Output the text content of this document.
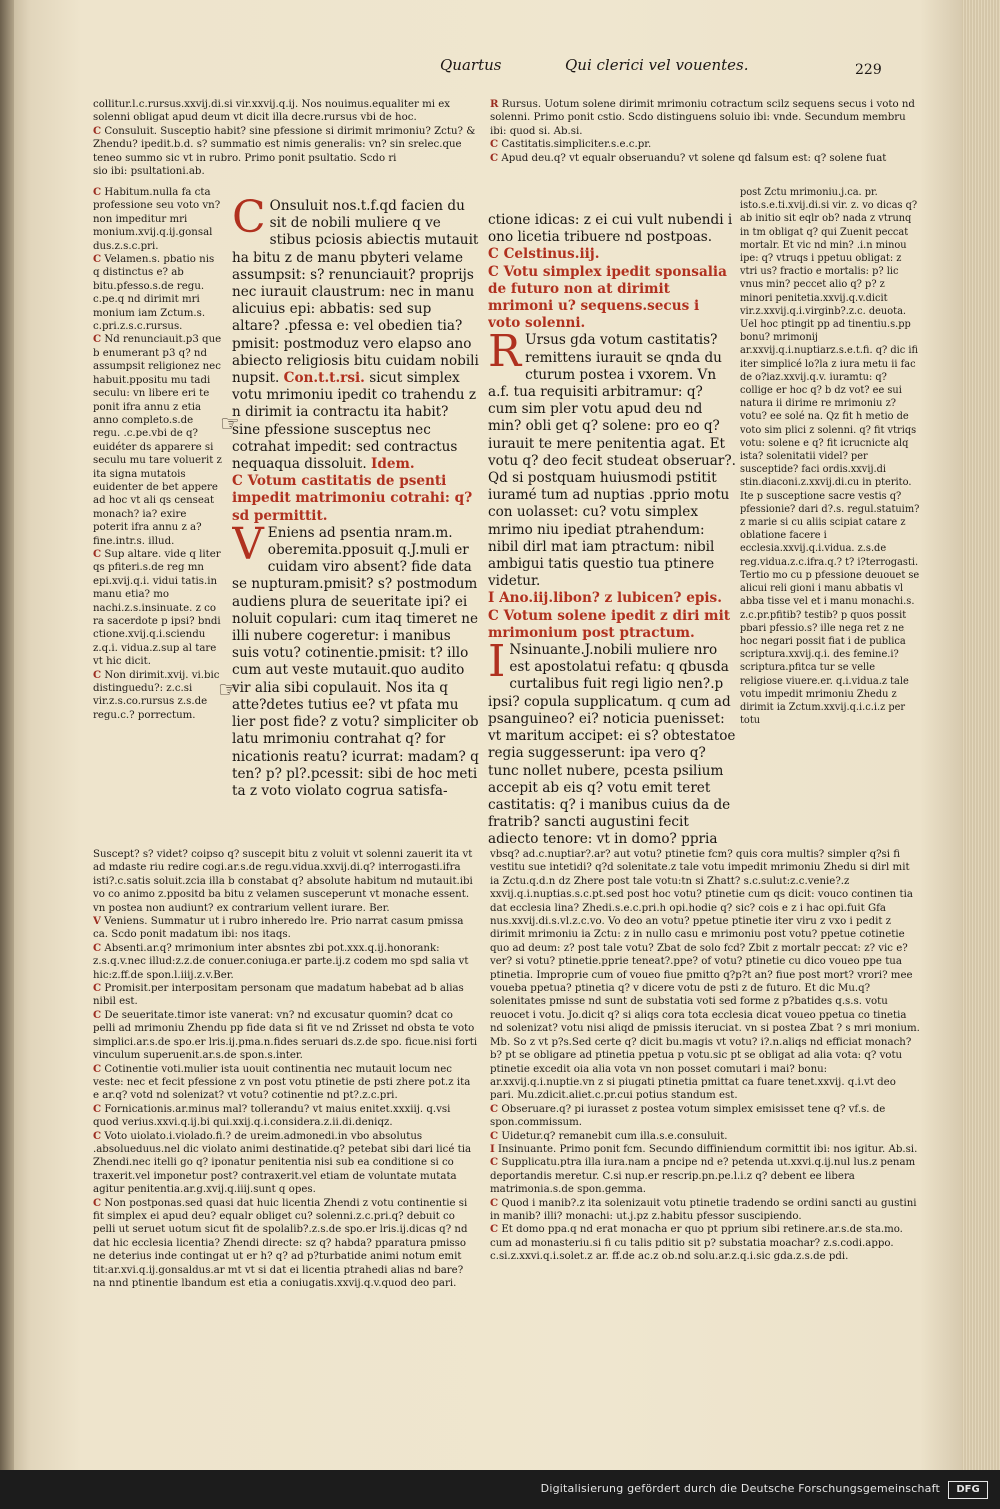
Quartus	Qui clerici vel vouentes.	229

collitur.l.c.rursus.xxvij.di.si vir.xxvij.q.ij. Nos nouimus.equaliter mi ex solenni obligat apud deum vt dicit illa decre.rursus vbi de hoc.

C Consuluit. Susceptio habit? sine pfessione si dirimit mrimoniu? Zctu? & Zhendu? ipedit.b.d. s? summatio est nimis generalis: vn? sin srelec.que teneo summo sic vt in rubro. Primo ponit psultatio. Scdo ri

sio ibi: psultationi.ab.

C Habitum.nulla fa cta professione seu voto vn? non impeditur mri monium.xvij.q.ij.gonsal dus.z.s.c.pri.

C Velamen.s. pbatio nis q distinctus e? ab bitu.pfesso.s.de regu. c.pe.q nd dirimit mri monium iam Zctum.s. c.pri.z.s.c.rursus.

C Nd renunciauit.p3 que b enumerant p3 q? nd assumpsit religionez nec habuit.ppositu mu tadi seculu: vn libere eri te ponit ifra annu z etia anno completo.s.de regu. .c.pe.vbi de q? euidéter ds apparere si seculu mu tare voluerit z ita signa mutatois euidenter de bet appere ad hoc vt ali qs censeat monach? ia? exire poterit ifra annu z a? fine.intr.s. illud.

C Sup altare. vide q liter qs pfiteri.s.de reg mn epi.xvij.q.i. vidui tatis.in manu etia? mo nachi.z.s.insinuate. z co ra sacerdote p ipsi? bndi ctione.xvij.q.i.sciendu z.q.i. vidua.z.sup al tare vt hic dicit.

C Non dirimit.xvij. vi.bic distinguedu?: z.c.si vir.z.s.co.rursus z.s.de regu.c.? porrectum.

Suscept? s? videt? coipso q? suscepit bitu z voluit vt solenni zauerit ita vt ad mdaste riu redire cogi.ar.s.de regu.vidua.xxvij.di.q? interrogasti.ifra isti?.c.satis soluit.zcia illa b constabat q? absolute habitum nd mutauit.ibi vo co animo z.ppositd ba bitu z velamen susceperunt vt monache essent. vn postea non audiunt? ex contrarium vellent iurare. Ber.

V Veniens. Summatur ut i rubro inheredo lre. Prio narrat casum pmissa ca. Scdo ponit madatum ibi: nos itaqs.

C Absenti.ar.q? mrimonium inter absntes zbi pot.xxx.q.ij.honorank: z.s.q.v.nec illud:z.z.de conuer.coniuga.er parte.ij.z codem mo spd salia vt hic:z.ff.de spon.l.iiij.z.v.Ber.

C Promisit.per interpositam personam que madatum habebat ad b alias nibil est.

C De seueritate.timor iste vanerat: vn? nd excusatur quomin? dcat co pelli ad mrimoniu Zhendu pp fide data si fit ve nd Zrisset nd obsta te voto simplici.ar.s.de spo.er lris.ij.pma.n.fides seruari ds.z.de spo. ficue.nisi forti vinculum superuenit.ar.s.de spon.s.inter.

C Cotinentie voti.mulier ista uouit continentia nec mutauit locum nec veste: nec et fecit pfessione z vn post votu ptinetie de psti zhere pot.z ita e ar.q? votd nd solenizat? vt votu? cotinentie nd pt?.z.c.pri.

C Fornicationis.ar.minus mal? tollerandu? vt maius enitet.xxxiij. q.vsi quod verius.xxvi.q.ij.bi qui.xxij.q.i.considera.z.ii.di.deniqz.

C Voto uiolato.i.violado.fi.? de ureim.admonedi.in vbo absolutus .absolueduus.nel dic violato animi destinatide.q? petebat sibi dari licé tia Zhendi.nec itelli go q? iponatur penitentia nisi sub ea conditione si co traxerit.vel imponetur post? contraxerit.vel etiam de voluntate mutata agitur penitentia.ar.g.xvij.q.iiij.sunt q opes.

C Non postponas.sed quasi dat huic licentia Zhendi z votu continentie si fit simplex ei apud deu? equalr obliget cu? solenni.z.c.pri.q? debuit co pelli ut seruet uotum sicut fit de spolalib?.z.s.de spo.er lris.ij.dicas q? nd dat hic ecclesia licentia? Zhendi directe: sz q? habda? pparatura pmisso ne deterius inde contingat ut er h? q? ad p?turbatide animi notum emit tit:ar.xvi.q.ij.gonsaldus.ar mt vt si dat ei licentia ptrahedi alias nd bare? na nnd ptinentie lbandum est etia a coniugatis.xxvij.q.v.quod deo pari.

C Onsuluit nos.t.f.qd facien du sit de nobili muliere q ve stibus pciosis abiectis mutauit ha bitu z de manu pbyteri velame assumpsit: s? renunciauit? proprijs nec iurauit claustrum: nec in manu alicuius epi: abbatis: sed sup altare? .pfessa e: vel obedien tia? pmisit: postmoduz vero elapso ano abiecto religiosis bitu cuidam nobili nupsit. Con.t.t.rsi. sicut simplex votu mrimoniu ipedit co trahendu z n dirimit ia contractu ita habit? sine pfessione susceptus nec cotrahat impedit: sed contractus nequaqua dissoluit. Idem.

C Votum castitatis de psenti impedit matrimoniu cotrahi: q?sd permittit.

V Eniens ad psentia nram.m. oberemita.pposuit q.J.muli er cuidam viro absent? fide data se nupturam.pmisit? s? postmodum audiens plura de seueritate ipi? ei noluit copulari: cum itaq timeret ne illi nubere cogeretur: i manibus suis votu? cotinentie.pmisit: t? illo cum aut veste mutauit.quo audito vir alia sibi copulauit. Nos ita q atte?detes tutius ee? vt pfata mu lier post fide? z votu? simpliciter ob latu mrimoniu contrahat q? for nicationis reatu? icurrat: madam? q ten? p? pl?.pcessit: sibi de hoc meti ta z voto violato cogrua satisfa-

☞
☞

R Rursus. Uotum solene dirimit mrimoniu cotractum scilz sequens secus i voto nd solenni. Primo ponit cstio. Scdo distinguens soluio ibi: vnde. Secundum membru ibi: quod si. Ab.si.

C Castitatis.simpliciter.s.e.c.pr.

C Apud deu.q? vt equalr obseruandu? vt solene qd falsum est: q? solene fuat

ctione idicas: z ei cui vult nubendi i ono licetia tribuere nd postpoas.

C Celstinus.iij.

C Votu simplex ipedit sponsalia de futuro non at dirimit mrimoni u? sequens.secus i voto solenni.

R Ursus gda votum castitatis? remittens iurauit se qnda du cturum postea i vxorem. Vn a.f. tua requisiti arbitramur: q? cum sim pler votu apud deu nd min? obli get q? solene: pro eo q? iurauit te mere penitentia agat. Et votu q? deo fecit studeat obseruar?. Qd si postquam huiusmodi pstitit iuramé tum ad nuptias .pprio motu con uolasset: cu? votu simplex mrimo niu ipediat ptrahendum: nibil dirl mat iam ptractum: nibil ambigui tatis questio tua ptinere videtur.

I Ano.iij.libon? z lubicen? epis.

C Votum solene ipedit z diri mit mrimonium post ptractum.

I Nsinuante.J.nobili muliere nro est apostolatui refatu: q qbusda curtalibus fuit regi ligio nen?.p ipsi? copula supplicatum. q cum ad psanguineo? ei? noticia puenisset: vt maritum accipet: ei s? obtestatoe regia suggesserunt: ipa vero q? tunc nollet nubere, pcesta psilium accepit ab eis q? votu emit teret castitatis: q? i manibus cuius da de fratrib? sancti augustini fecit adiecto tenore: vt in domo? ppria

post Zctu mrimoniu.j.ca. pr. isto.s.e.ti.xvij.di.si vir. z. vo dicas q? ab initio sit eqlr ob? nada z vtrunq in tm obligat q? qui Zuenit peccat mortalr. Et vic nd min? .i.n minou ipe: q? vtruqs i ppetuu obligat: z vtri us? fractio e mortalis: p? lic vnus min? peccet alio q? p? z minori penitetia.xxvij.q.v.dicit vir.z.xxvij.q.i.virginb?.z.c. deuota. Uel hoc ptingit pp ad tinentiu.s.pp bonu? mrimonij ar.xxvij.q.i.nuptiarz.s.e.t.fi. q? dic ifi iter simplicé lo?la z iura metu ii fac de o?iaz.xxvij.q.v. iuramtu: q? collige er hoc q? b dz vot? ee sui natura ii dirime re mrimoniu z? votu? ee solé na. Qz fit h metio de voto sim plici z solenni. q? fit vtriqs votu: solene e q? fit icrucnicte alq ista? solenitatii videl? per susceptide? faci ordis.xxvij.di stin.diaconi.z.xxvij.di.cu in pterito. Ite p susceptione sacre vestis q? pfessionie? dari d?.s. regul.statuim? z marie si cu aliis scipiat catare z oblatione facere i ecclesia.xxvij.q.i.vidua. z.s.de reg.vidua.z.c.ifra.q.? t? i?terrogasti. Tertio mo cu p pfessione deuouet se alicui reli gioni i manu abbatis vl abba tisse vel et i manu monachi.s. z.c.pr.pfitib? testib? p quos possit pbari pfessio.s? ille nega ret z ne hoc negari possit fiat i de publica scriptura.xxvij.q.i. des femine.i? scriptura.pfitca tur se velle religiose viuere.er. q.i.vidua.z tale votu impedit mrimoniu Zhedu z dirimit ia Zctum.xxvij.q.i.c.i.z per totu

vbsq? ad.c.nuptiar?.ar? aut votu? ptinetie fcm? quis cora multis? simpler q?si fi vestitu sue intetidi? q?d solenitate.z tale votu impedit mrimoniu Zhedu si dirl mit ia Zctu.q.d.n dz Zhere post tale votu:tn si Zhatt? s.c.sulut:z.c.venie?.z xxvij.q.i.nuptias.s.c.pt.sed post hoc votu? ptinetie cum qs dicit: vouco continen tia dat ecclesia lina? Zhedi.s.e.c.pri.h opi.hodie q? sic? cois e z i hac opi.fuit Gfa nus.xxvij.di.s.vl.z.c.vo. Vo deo an votu? ppetue ptinetie iter viru z vxo i pedit z dirimit mrimoniu ia Zctu: z in nullo casu e mrimoniu post votu? ppetue cotinetie quo ad deum: z? post tale votu? Zbat de solo fcd? Zbit z mortalr peccat: z? vic e? ver? si votu? ptinetie.pprie teneat?.ppe? of votu? ptinetie cu dico voueo ppe tua ptinetia. Improprie cum of voueo fiue pmitto q?p?t an? fiue post mort? vrori? mee voueba ppetua? ptinetia q? v dicere votu de psti z de futuro. Et dic Mu.q? solenitates pmisse nd sunt de substatia voti sed forme z p?batides q.s.s. votu reuocet i votu. Jo.dicit q? si aliqs cora tota ecclesia dicat voueo ppetua co tinetia nd solenizat? votu nisi aliqd de pmissis iteruciat. vn si postea Zbat ? s mri monium. Mb. So z vt p?s.Sed certe q? dicit bu.magis vt votu? i?.n.aliqs nd efficiat monach? b? pt se obligare ad ptinetia ppetua p votu.sic pt se obligat ad alia vota: q? votu ptinetie excedit oia alia vota vn non posset comutari i mai? bonu: ar.xxvij.q.i.nuptie.vn z si piugati ptinetia pmittat ca fuare tenet.xxvij. q.i.vt deo pari. Mu.zdicit.aliet.c.pr.cui potius standum est.

C Obseruare.q? pi iurasset z postea votum simplex emisisset tene q? vf.s. de spon.commissum.

C Uidetur.q? remanebit cum illa.s.e.consuluit.

I Insinuante. Primo ponit fcm. Secundo diffiniendum cormittit ibi: nos igitur. Ab.si.

C Supplicatu.ptra illa iura.nam a pncipe nd e? petenda ut.xxvi.q.ij.nul lus.z penam deportandis meretur. C.si nup.er rescrip.pn.pe.l.i.z q? debent ee libera matrimonia.s.de spon.gemma.

C Quod i manib?.z ita solenizauit votu ptinetie tradendo se ordini sancti au gustini in manib? illi? monachi: ut.j.pz z.habitu pfessor suscipiendo.

C Et domo ppa.q nd erat monacha er quo pt pprium sibi retinere.ar.s.de sta.mo. cum ad monasteriu.si fi cu talis pditio sit p? substatia moachar? z.s.codi.appo. c.si.z.xxvi.q.i.solet.z ar. ff.de ac.z ob.nd solu.ar.z.q.i.sic gda.z.s.de pdi.

Digitalisierung gefördert durch die Deutsche Forschungsgemeinschaft	DFG
